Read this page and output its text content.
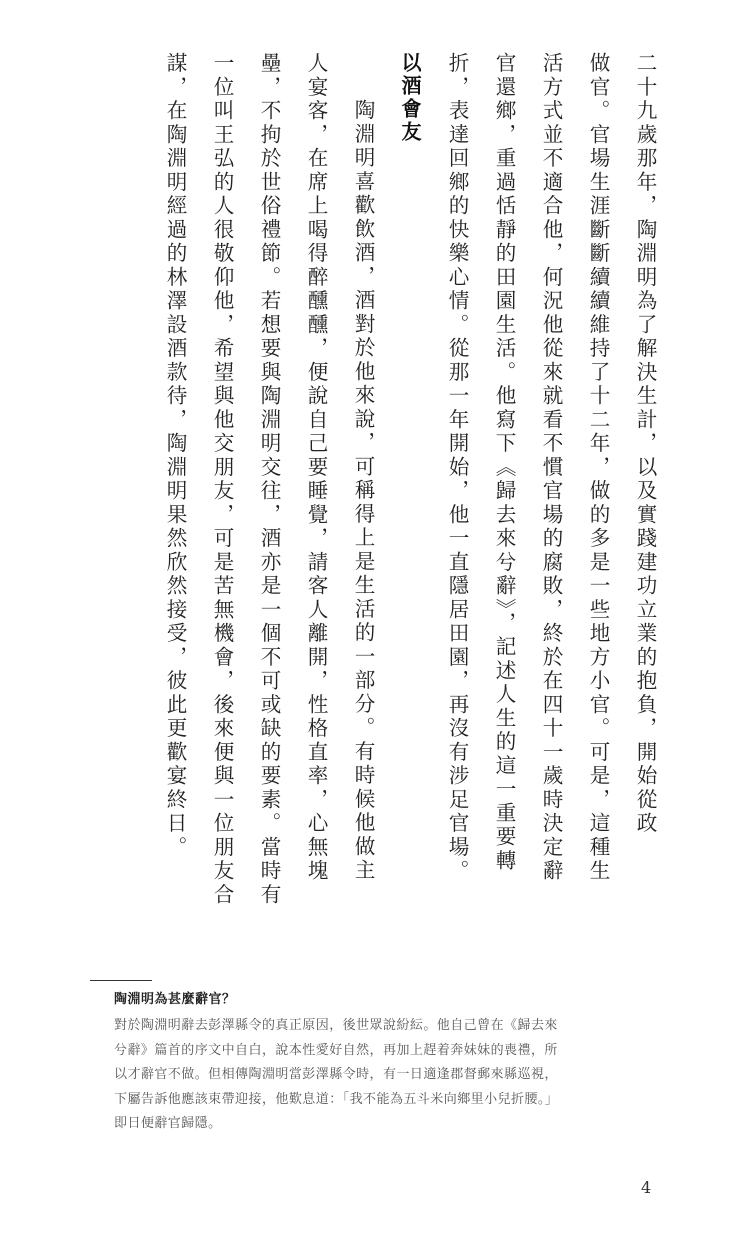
二十九歲那年，陶淵明為了解決生計，以及實踐建功立業的抱負，開始從政

做官。官場生涯斷斷續續維持了十二年，做的多是一些地方小官。可是，這種生

活方式並不適合他，何況他從來就看不慣官場的腐敗，終於在四十一歲時決定辭

官還鄉，重過恬靜的田園生活。他寫下《歸去來兮辭》，記述人生的這一重要轉

折，表達回鄉的快樂心情。從那一年開始，他一直隱居田園，再沒有涉足官場。

以酒會友

陶淵明喜歡飲酒，酒對於他來說，可稱得上是生活的一部分。有時候他做主

人宴客，在席上喝得醉醺醺，便說自己要睡覺，請客人離開，性格直率，心無塊

壘，不拘於世俗禮節。若想要與陶淵明交往，酒亦是一個不可或缺的要素。當時有

一位叫王弘的人很敬仰他，希望與他交朋友，可是苦無機會，後來便與一位朋友合

謀，在陶淵明經過的林澤設酒款待，陶淵明果然欣然接受，彼此更歡宴終日。

陶淵明為甚麼辭官？

對於陶淵明辭去彭澤縣令的真正原因，後世眾說紛紜。他自己曾在《歸去來

兮辭》篇首的序文中自白，說本性愛好自然，再加上趕着奔妹妹的喪禮，所

以才辭官不做。但相傳陶淵明當彭澤縣令時，有一日適逢郡督郵來縣巡視，

下屬告訴他應該束帶迎接，他歎息道：「我不能為五斗米向鄉里小兒折腰。」

即日便辭官歸隱。

4
